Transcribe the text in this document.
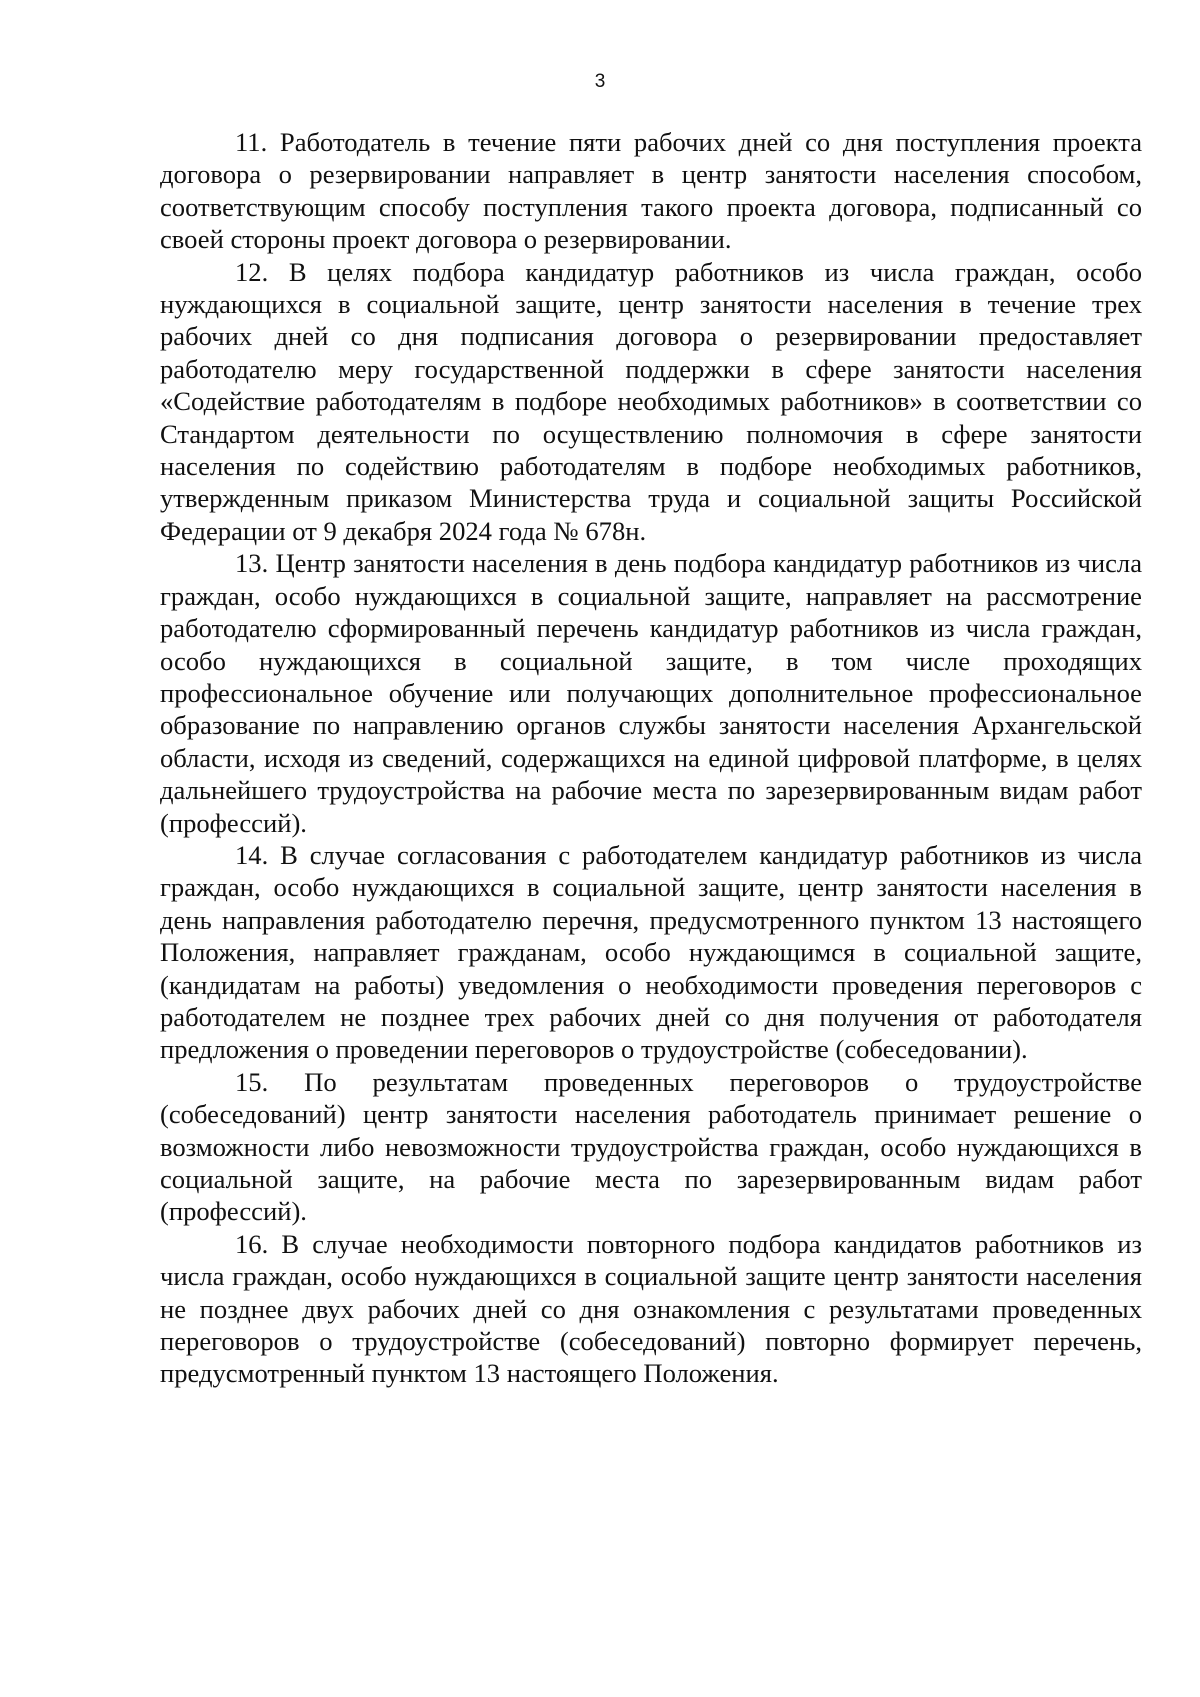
3

11. Работодатель в течение пяти рабочих дней со дня поступления проекта договора о резервировании направляет в центр занятости населения способом, соответствующим способу поступления такого проекта договора, подписанный со своей стороны проект договора о резервировании.

12. В целях подбора кандидатур работников из числа граждан, особо нуждающихся в социальной защите, центр занятости населения в течение трех рабочих дней со дня подписания договора о резервировании предоставляет работодателю меру государственной поддержки в сфере занятости населения «Содействие работодателям в подборе необходимых работников» в соответствии со Стандартом деятельности по осуществлению полномочия в сфере занятости населения по содействию работодателям в подборе необходимых работников, утвержденным приказом Министерства труда и социальной защиты Российской Федерации от 9 декабря 2024 года № 678н.

13. Центр занятости населения в день подбора кандидатур работников из числа граждан, особо нуждающихся в социальной защите, направляет на рассмотрение работодателю сформированный перечень кандидатур работников из числа граждан, особо нуждающихся в социальной защите, в том числе проходящих профессиональное обучение или получающих дополнительное профессиональное образование по направлению органов службы занятости населения Архангельской области, исходя из сведений, содержащихся на единой цифровой платформе, в целях дальнейшего трудоустройства на рабочие места по зарезервированным видам работ (профессий).

14. В случае согласования с работодателем кандидатур работников из числа граждан, особо нуждающихся в социальной защите, центр занятости населения в день направления работодателю перечня, предусмотренного пунктом 13 настоящего Положения, направляет гражданам, особо нуждающимся в социальной защите, (кандидатам на работы) уведомления о необходимости проведения переговоров с работодателем не позднее трех рабочих дней со дня получения от работодателя предложения о проведении переговоров о трудоустройстве (собеседовании).

15. По результатам проведенных переговоров о трудоустройстве (собеседований) центр занятости населения работодатель принимает решение о возможности либо невозможности трудоустройства граждан, особо нуждающихся в социальной защите, на рабочие места по зарезервированным видам работ (профессий).

16. В случае необходимости повторного подбора кандидатов работников из числа граждан, особо нуждающихся в социальной защите центр занятости населения не позднее двух рабочих дней со дня ознакомления с результатами проведенных переговоров о трудоустройстве (собеседований) повторно формирует перечень, предусмотренный пунктом 13 настоящего Положения.
